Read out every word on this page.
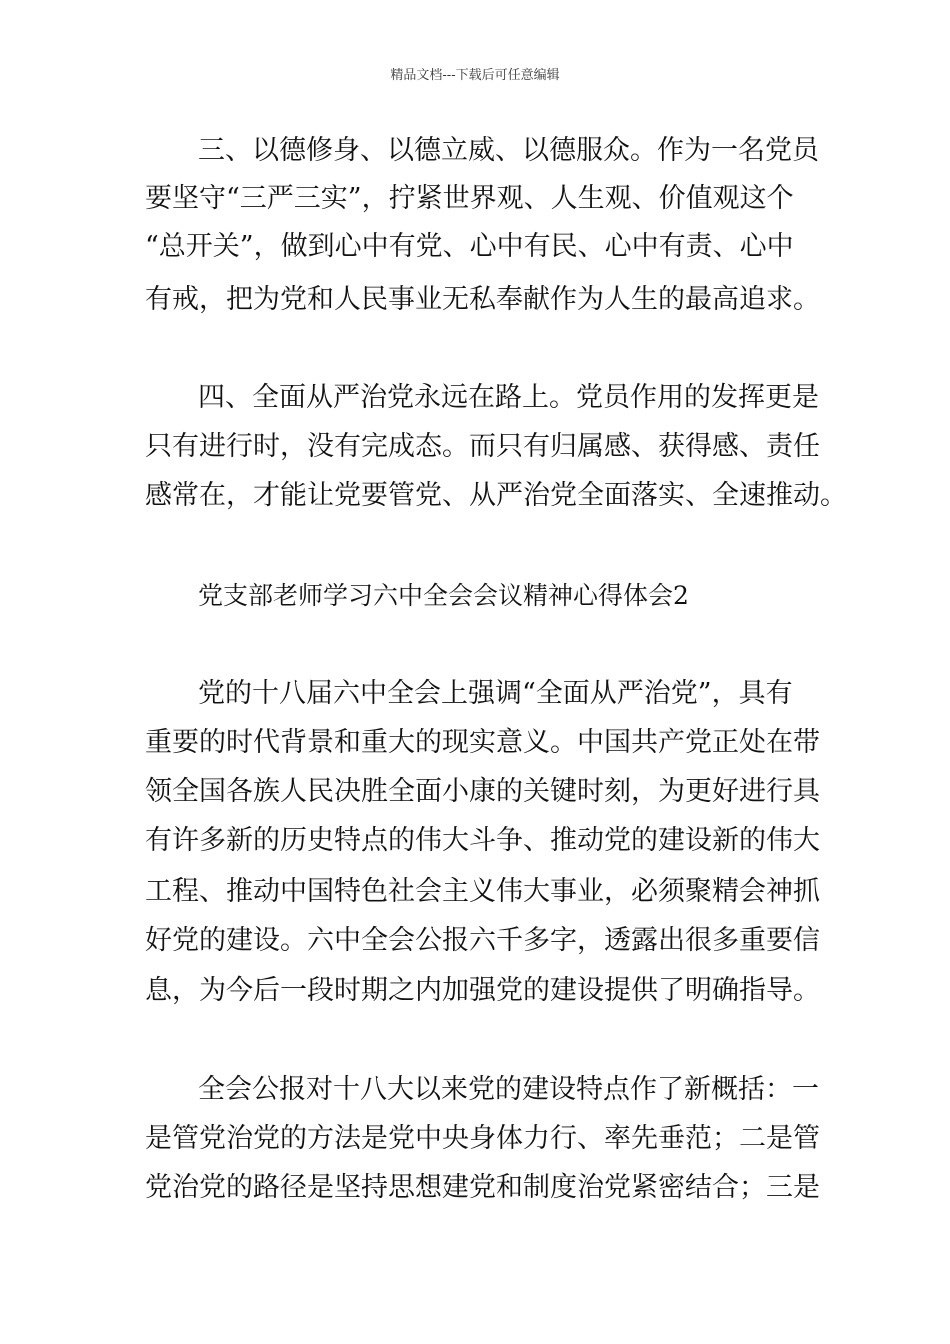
精品文档---下载后可任意编辑
三、以德修身、以德立威、以德服众。作为一名党员
要坚守“三严三实”，拧紧世界观、人生观、价值观这个
“总开关”，做到心中有党、心中有民、心中有责、心中
有戒，把为党和人民事业无私奉献作为人生的最高追求。
四、全面从严治党永远在路上。党员作用的发挥更是
只有进行时，没有完成态。而只有归属感、获得感、责任
感常在，才能让党要管党、从严治党全面落实、全速推动。
党支部老师学习六中全会会议精神心得体会2
党的十八届六中全会上强调“全面从严治党”，具有
重要的时代背景和重大的现实意义。中国共产党正处在带
领全国各族人民决胜全面小康的关键时刻，为更好进行具
有许多新的历史特点的伟大斗争、推动党的建设新的伟大
工程、推动中国特色社会主义伟大事业，必须聚精会神抓
好党的建设。六中全会公报六千多字，透露出很多重要信
息，为今后一段时期之内加强党的建设提供了明确指导。
全会公报对十八大以来党的建设特点作了新概括：一
是管党治党的方法是党中央身体力行、率先垂范；二是管
党治党的路径是坚持思想建党和制度治党紧密结合；三是
